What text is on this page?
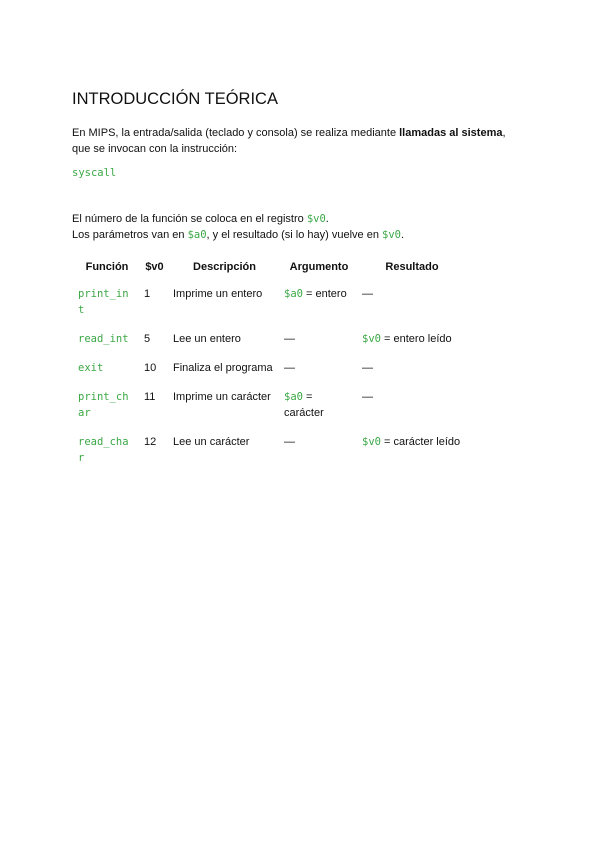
INTRODUCCIÓN TEÓRICA
En MIPS, la entrada/salida (teclado y consola) se realiza mediante llamadas al sistema,
que se invocan con la instrucción:
syscall
El número de la función se coloca en el registro $v0.
Los parámetros van en $a0, y el resultado (si lo hay) vuelve en $v0.
Función	$v0	Descripción	Argumento	Resultado
print_int	1	Imprime un entero	$a0 = entero	—
read_int	5	Lee un entero	—	$v0 = entero leído
exit	10	Finaliza el programa	—	—
print_char	11	Imprime un carácter	$a0 = carácter	—
read_char	12	Lee un carácter	—	$v0 = carácter leído
